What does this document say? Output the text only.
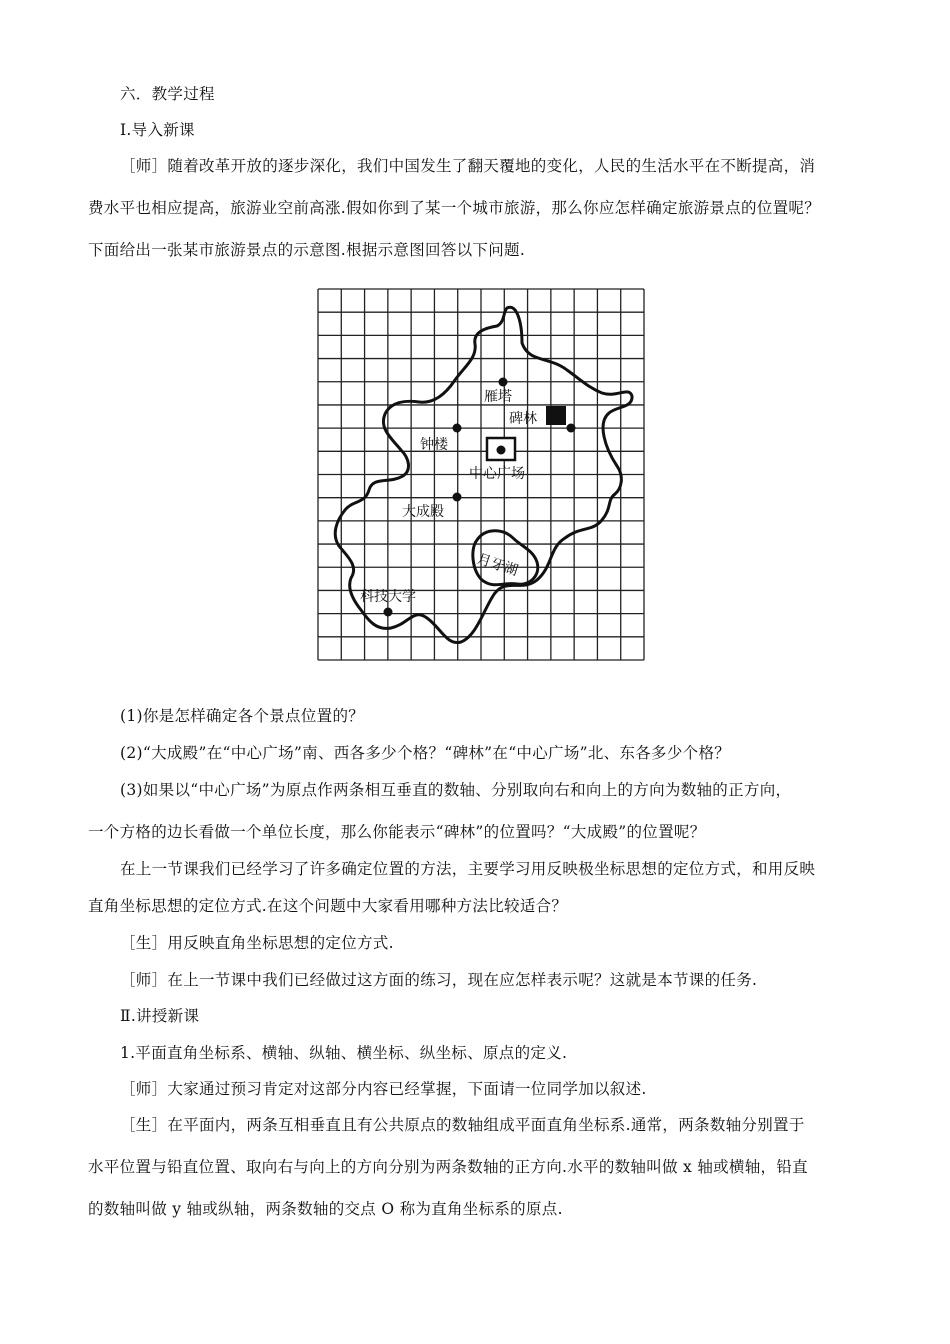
六．教学过程
Ⅰ.导入新课
［师］随着改革开放的逐步深化，我们中国发生了翻天覆地的变化，人民的生活水平在不断提高，消
费水平也相应提高，旅游业空前高涨.假如你到了某一个城市旅游，那么你应怎样确定旅游景点的位置呢？
下面给出一张某市旅游景点的示意图.根据示意图回答以下问题.
雁塔
碑林
钟楼
中心广场
大成殿
月牙湖
科技大学
(1)你是怎样确定各个景点位置的？
(2)“大成殿”在“中心广场”南、西各多少个格？“碑林”在“中心广场”北、东各多少个格？
(3)如果以“中心广场”为原点作两条相互垂直的数轴、分别取向右和向上的方向为数轴的正方向，
一个方格的边长看做一个单位长度，那么你能表示“碑林”的位置吗？“大成殿”的位置呢？
在上一节课我们已经学习了许多确定位置的方法，主要学习用反映极坐标思想的定位方式，和用反映
直角坐标思想的定位方式.在这个问题中大家看用哪种方法比较适合？
［生］用反映直角坐标思想的定位方式.
［师］在上一节课中我们已经做过这方面的练习，现在应怎样表示呢？这就是本节课的任务.
Ⅱ.讲授新课
1.平面直角坐标系、横轴、纵轴、横坐标、纵坐标、原点的定义.
［师］大家通过预习肯定对这部分内容已经掌握，下面请一位同学加以叙述.
［生］在平面内，两条互相垂直且有公共原点的数轴组成平面直角坐标系.通常，两条数轴分别置于
水平位置与铅直位置、取向右与向上的方向分别为两条数轴的正方向.水平的数轴叫做 x 轴或横轴，铅直
的数轴叫做 y 轴或纵轴，两条数轴的交点 O 称为直角坐标系的原点.
